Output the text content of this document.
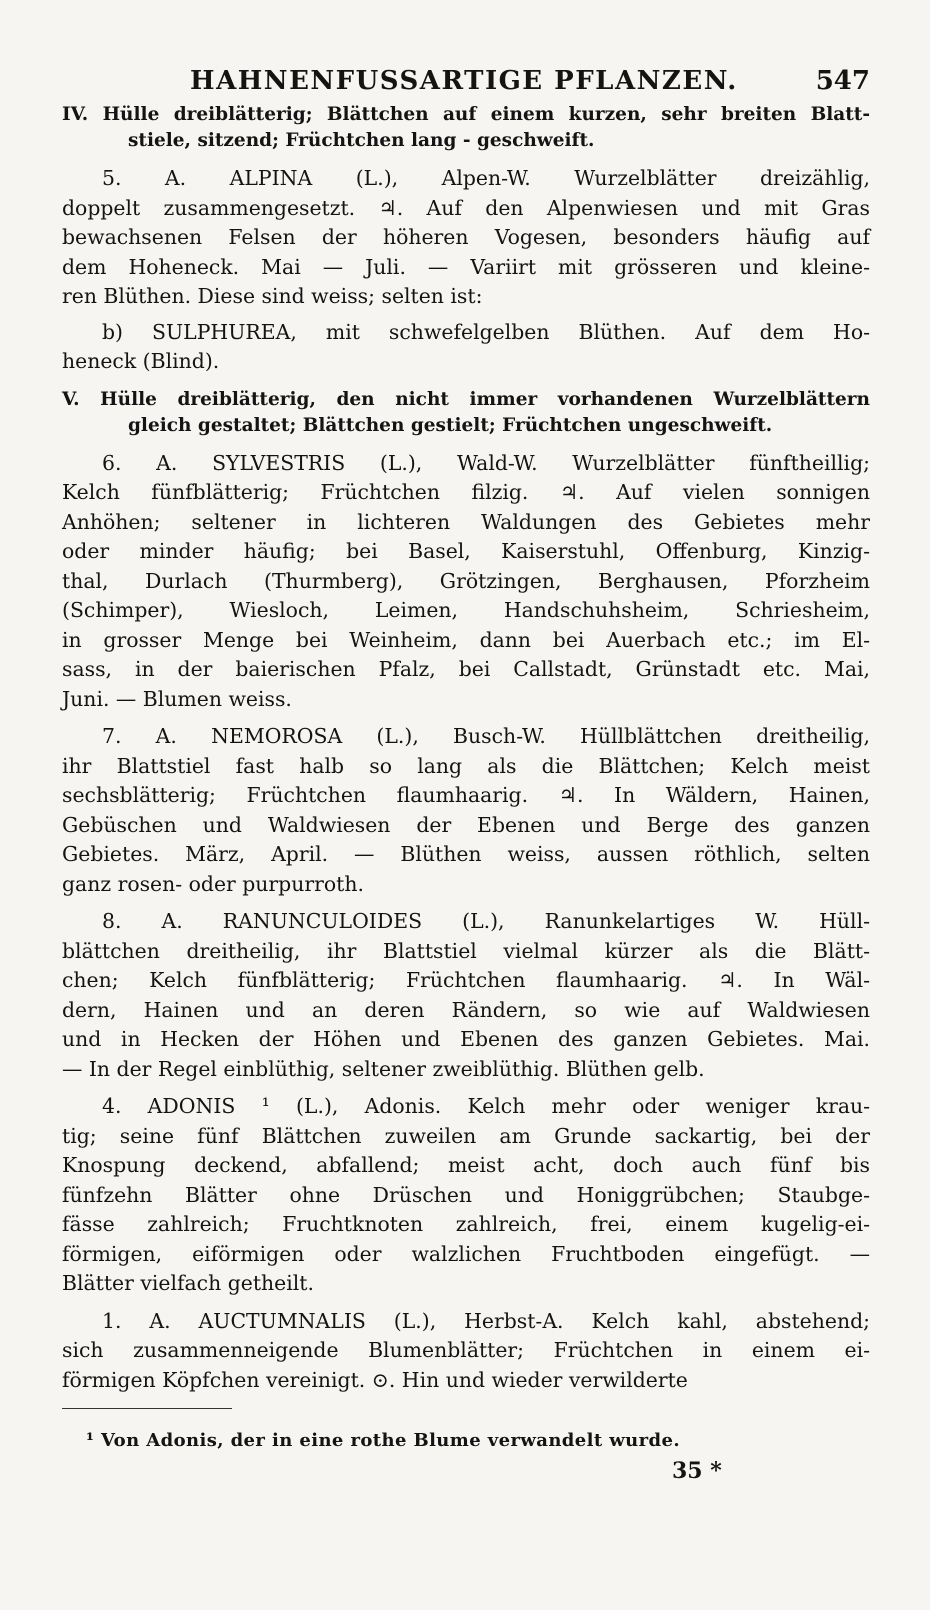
HAHNENFUSSARTIGE PFLANZEN.	547
IV. Hülle dreiblätterig; Blättchen auf einem kurzen, sehr breiten Blatt-
stiele, sitzend; Früchtchen lang - geschweift.
5. A. ALPINA (L.), Alpen-W. Wurzelblätter dreizählig,
doppelt zusammengesetzt. ♃. Auf den Alpenwiesen und mit Gras
bewachsenen Felsen der höheren Vogesen, besonders häufig auf
dem Hoheneck. Mai — Juli. — Variirt mit grösseren und kleine-
ren Blüthen. Diese sind weiss; selten ist:
b) SULPHUREA, mit schwefelgelben Blüthen. Auf dem Ho-
heneck (Blind).
V. Hülle dreiblätterig, den nicht immer vorhandenen Wurzelblättern
gleich gestaltet; Blättchen gestielt; Früchtchen ungeschweift.
6. A. SYLVESTRIS (L.), Wald-W. Wurzelblätter fünftheillig;
Kelch fünfblätterig; Früchtchen filzig. ♃. Auf vielen sonnigen
Anhöhen; seltener in lichteren Waldungen des Gebietes mehr
oder minder häufig; bei Basel, Kaiserstuhl, Offenburg, Kinzig-
thal, Durlach (Thurmberg), Grötzingen, Berghausen, Pforzheim
(Schimper), Wiesloch, Leimen, Handschuhsheim, Schriesheim,
in grosser Menge bei Weinheim, dann bei Auerbach etc.; im El-
sass, in der baierischen Pfalz, bei Callstadt, Grünstadt etc. Mai,
Juni. — Blumen weiss.
7. A. NEMOROSA (L.), Busch-W. Hüllblättchen dreitheilig,
ihr Blattstiel fast halb so lang als die Blättchen; Kelch meist
sechsblätterig; Früchtchen flaumhaarig. ♃. In Wäldern, Hainen,
Gebüschen und Waldwiesen der Ebenen und Berge des ganzen
Gebietes. März, April. — Blüthen weiss, aussen röthlich, selten
ganz rosen- oder purpurroth.
8. A. RANUNCULOIDES (L.), Ranunkelartiges W. Hüll-
blättchen dreitheilig, ihr Blattstiel vielmal kürzer als die Blätt-
chen; Kelch fünfblätterig; Früchtchen flaumhaarig. ♃. In Wäl-
dern, Hainen und an deren Rändern, so wie auf Waldwiesen
und in Hecken der Höhen und Ebenen des ganzen Gebietes. Mai.
— In der Regel einblüthig, seltener zweiblüthig. Blüthen gelb.
4. ADONIS ¹ (L.), Adonis. Kelch mehr oder weniger krau-
tig; seine fünf Blättchen zuweilen am Grunde sackartig, bei der
Knospung deckend, abfallend; meist acht, doch auch fünf bis
fünfzehn Blätter ohne Drüschen und Honiggrübchen; Staubge-
fässe zahlreich; Fruchtknoten zahlreich, frei, einem kugelig-ei-
förmigen, eiförmigen oder walzlichen Fruchtboden eingefügt. —
Blätter vielfach getheilt.
1. A. AUCTUMNALIS (L.), Herbst-A. Kelch kahl, abstehend;
sich zusammenneigende Blumenblätter; Früchtchen in einem ei-
förmigen Köpfchen vereinigt. ⊙. Hin und wieder verwilderte
¹ Von Adonis, der in eine rothe Blume verwandelt wurde.
35 *
